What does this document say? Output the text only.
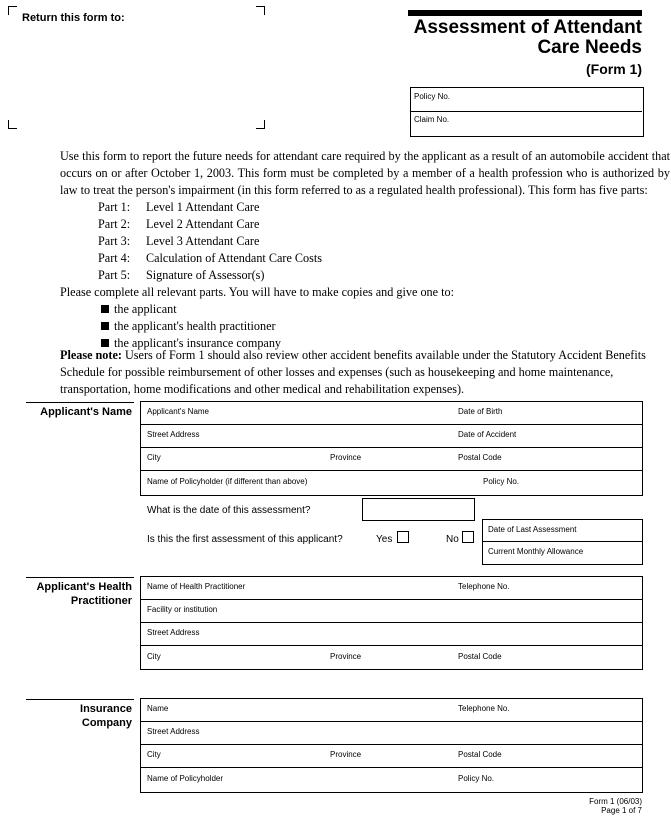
Return this form to:	Assessment of Attendant
Care Needs
(Form 1)
Policy No.
Claim No.
Use this form to report the future needs for attendant care required by the applicant as a result of an automobile accident that occurs on or after October 1, 2003. This form must be completed by a member of a health profession who is authorized by law to treat the person's impairment (in this form referred to as a regulated health professional). This form has five parts:
Part 1: Level 1 Attendant Care
Part 2: Level 2 Attendant Care
Part 3: Level 3 Attendant Care
Part 4: Calculation of Attendant Care Costs
Part 5: Signature of Assessor(s)
Please complete all relevant parts. You will have to make copies and give one to:
the applicant
the applicant's health practitioner
the applicant's insurance company
Please note: Users of Form 1 should also review other accident benefits available under the Statutory Accident Benefits Schedule for possible reimbursement of other losses and expenses (such as housekeeping and home maintenance, transportation, home modifications and other medical and rehabilitation expenses).
Applicant's Name Applicant's Name	Date of Birth
Street Address	Date of Accident
City	Province	Postal Code
Name of Policyholder (if different than above)	Policy No.
What is the date of this assessment?
Is this the first assessment of this applicant?	Yes	No
Date of Last Assessment
Current Monthly Allowance
Applicant's Health
Practitioner
Name of Health Practitioner	Telephone No.
Facility or institution
Street Address
City	Province	Postal Code
Insurance
Company
Name	Telephone No.
Street Address
City	Province	Postal Code
Name of Policyholder	Policy No.
Form 1 (06/03)
Page 1 of 7
